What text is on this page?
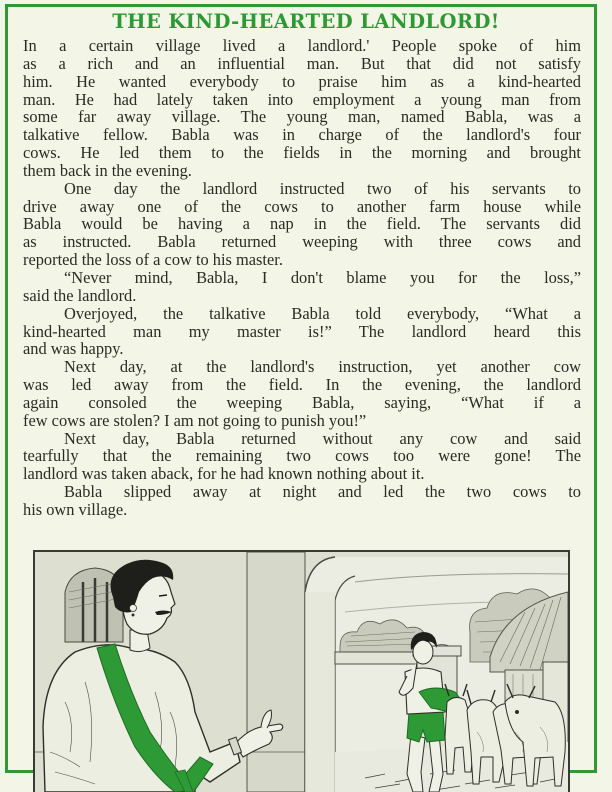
THE KIND-HEARTED LANDLORD!
In a certain village lived a landlord.' People spoke of him
as a rich and an influential man. But that did not satisfy
him. He wanted everybody to praise him as a kind-hearted
man. He had lately taken into employment a young man from
some far away village. The young man, named Babla, was a
talkative fellow. Babla was in charge of the landlord's four
cows. He led them to the fields in the morning and brought
them back in the evening.
One day the landlord instructed two of his servants to
drive away one of the cows to another farm house while
Babla would be having a nap in the field. The servants did
as instructed. Babla returned weeping with three cows and
reported the loss of a cow to his master.
“Never mind, Babla, I don't blame you for the loss,”
said the landlord.
Overjoyed, the talkative Babla told everybody, “What a
kind-hearted man my master is!” The landlord heard this
and was happy.
Next day, at the landlord's instruction, yet another cow
was led away from the field. In the evening, the landlord
again consoled the weeping Babla, saying, “What if a
few cows are stolen? I am not going to punish you!”
Next day, Babla returned without any cow and said
tearfully that the remaining two cows too were gone! The
landlord was taken aback, for he had known nothing about it.
Babla slipped away at night and led the two cows to
his own village.
